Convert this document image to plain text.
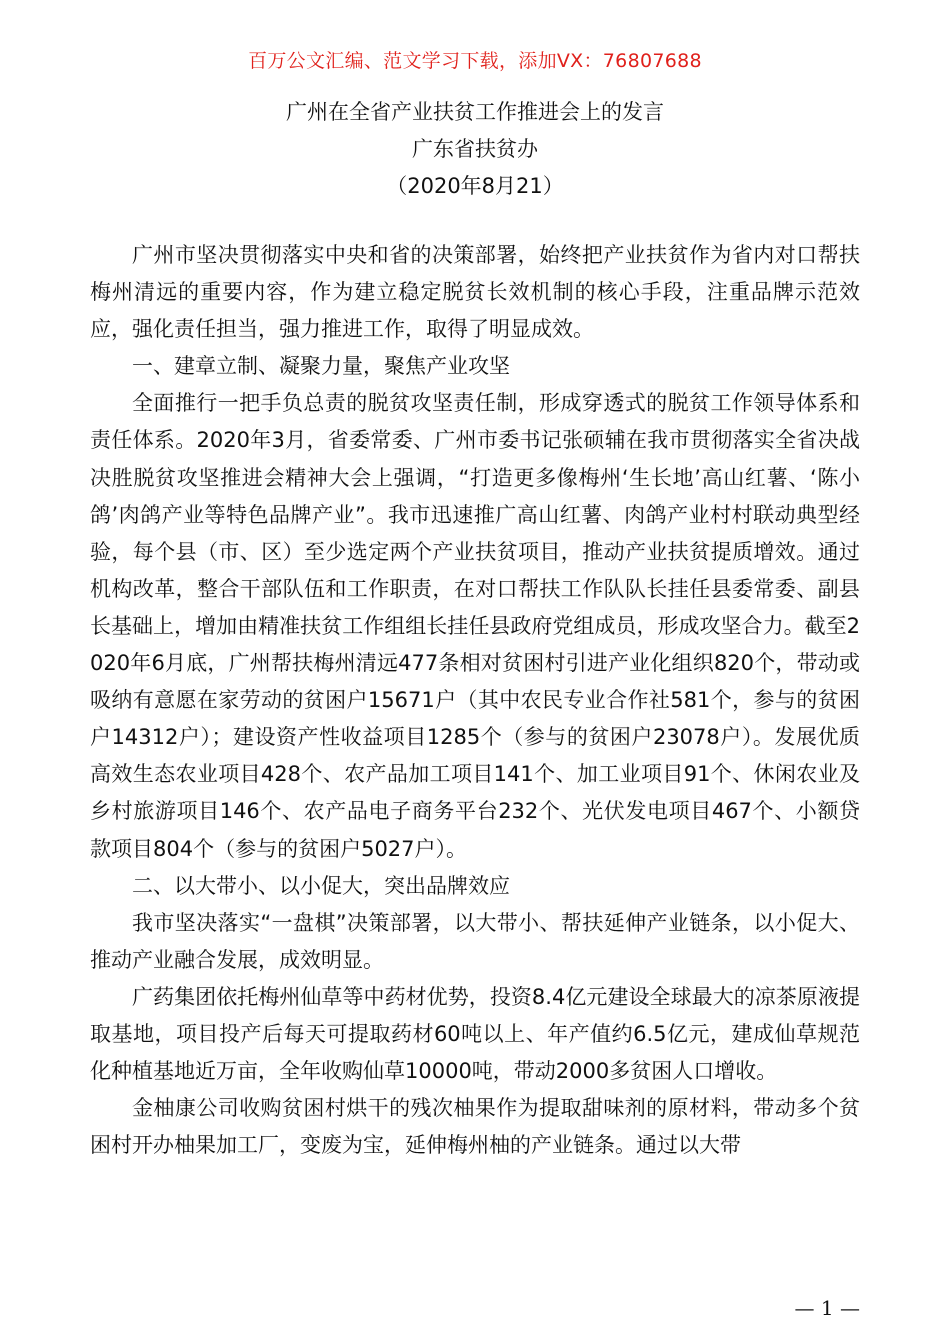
百万公文汇编、范文学习下载，添加VX：76807688
广州在全省产业扶贫工作推进会上的发言
广东省扶贫办
（2020年8月21）

广州市坚决贯彻落实中央和省的决策部署，始终把产业扶贫作为省内对口帮扶梅州清远的重要内容，作为建立稳定脱贫长效机制的核心手段，注重品牌示范效应，强化责任担当，强力推进工作，取得了明显成效。

一、建章立制、凝聚力量，聚焦产业攻坚

全面推行一把手负总责的脱贫攻坚责任制，形成穿透式的脱贫工作领导体系和责任体系。2020年3月，省委常委、广州市委书记张硕辅在我市贯彻落实全省决战决胜脱贫攻坚推进会精神大会上强调，“打造更多像梅州‘生长地’高山红薯、‘陈小鸽’肉鸽产业等特色品牌产业”。我市迅速推广高山红薯、肉鸽产业村村联动典型经验，每个县（市、区）至少选定两个产业扶贫项目，推动产业扶贫提质增效。通过机构改革，整合干部队伍和工作职责，在对口帮扶工作队队长挂任县委常委、副县长基础上，增加由精准扶贫工作组组长挂任县政府党组成员，形成攻坚合力。截至2020年6月底，广州帮扶梅州清远477条相对贫困村引进产业化组织820个，带动或吸纳有意愿在家劳动的贫困户15671户（其中农民专业合作社581个，参与的贫困户14312户）；建设资产性收益项目1285个（参与的贫困户23078户）。发展优质高效生态农业项目428个、农产品加工项目141个、加工业项目91个、休闲农业及乡村旅游项目146个、农产品电子商务平台232个、光伏发电项目467个、小额贷款项目804个（参与的贫困户5027户）。

二、以大带小、以小促大，突出品牌效应

我市坚决落实“一盘棋”决策部署，以大带小、帮扶延伸产业链条，以小促大、推动产业融合发展，成效明显。

广药集团依托梅州仙草等中药材优势，投资8.4亿元建设全球最大的凉茶原液提取基地，项目投产后每天可提取药材60吨以上、年产值约6.5亿元，建成仙草规范化种植基地近万亩，全年收购仙草10000吨，带动2000多贫困人口增收。

金柚康公司收购贫困村烘干的残次柚果作为提取甜味剂的原材料，带动多个贫困村开办柚果加工厂，变废为宝，延伸梅州柚的产业链条。通过以大带

— 1 —
